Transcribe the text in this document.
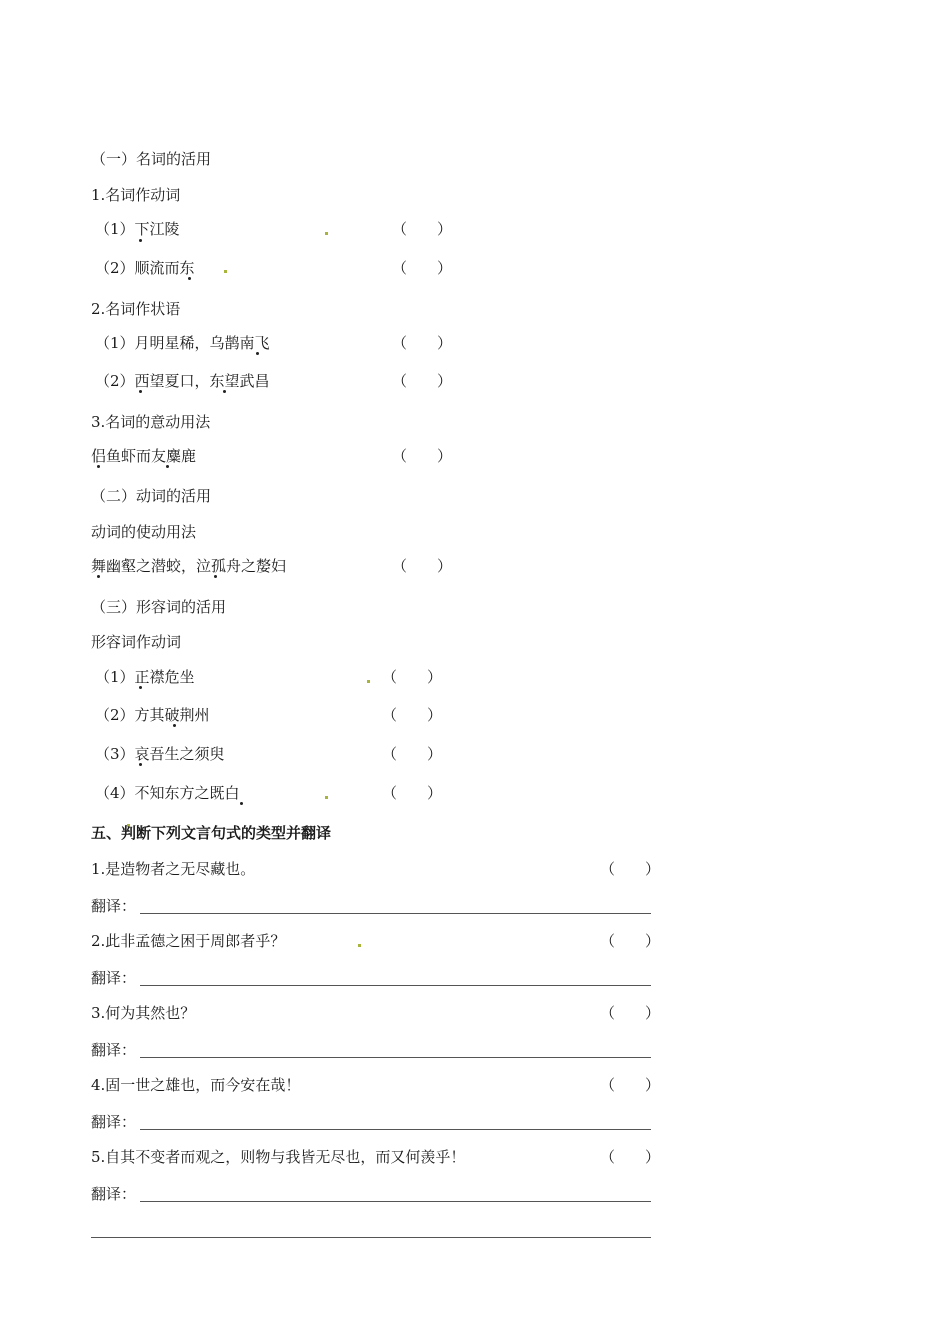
（一）名词的活用
1.名词作动词
（1）下江陵	（　　）
（2）顺流而东	（　　）
2.名词作状语
（1）月明星稀，乌鹊南飞	（　　）
（2）西望夏口，东望武昌	（　　）
3.名词的意动用法
侣鱼虾而友麋鹿	（　　）
（二）动词的活用
动词的使动用法
舞幽壑之潜蛟，泣孤舟之嫠妇	（　　）
（三）形容词的活用
形容词作动词
（1）正襟危坐	（　　）
（2）方其破荆州	（　　）
（3）哀吾生之须臾	（　　）
（4）不知东方之既白	（　　）
五、判断下列文言句式的类型并翻译
1.是造物者之无尽藏也。	（　　）
翻译：
2.此非孟德之困于周郎者乎？	（　　）
翻译：
3.何为其然也？	（　　）
翻译：
4.固一世之雄也，而今安在哉！	（　　）
翻译：
5.自其不变者而观之，则物与我皆无尽也，而又何羡乎！	（　　）
翻译：
